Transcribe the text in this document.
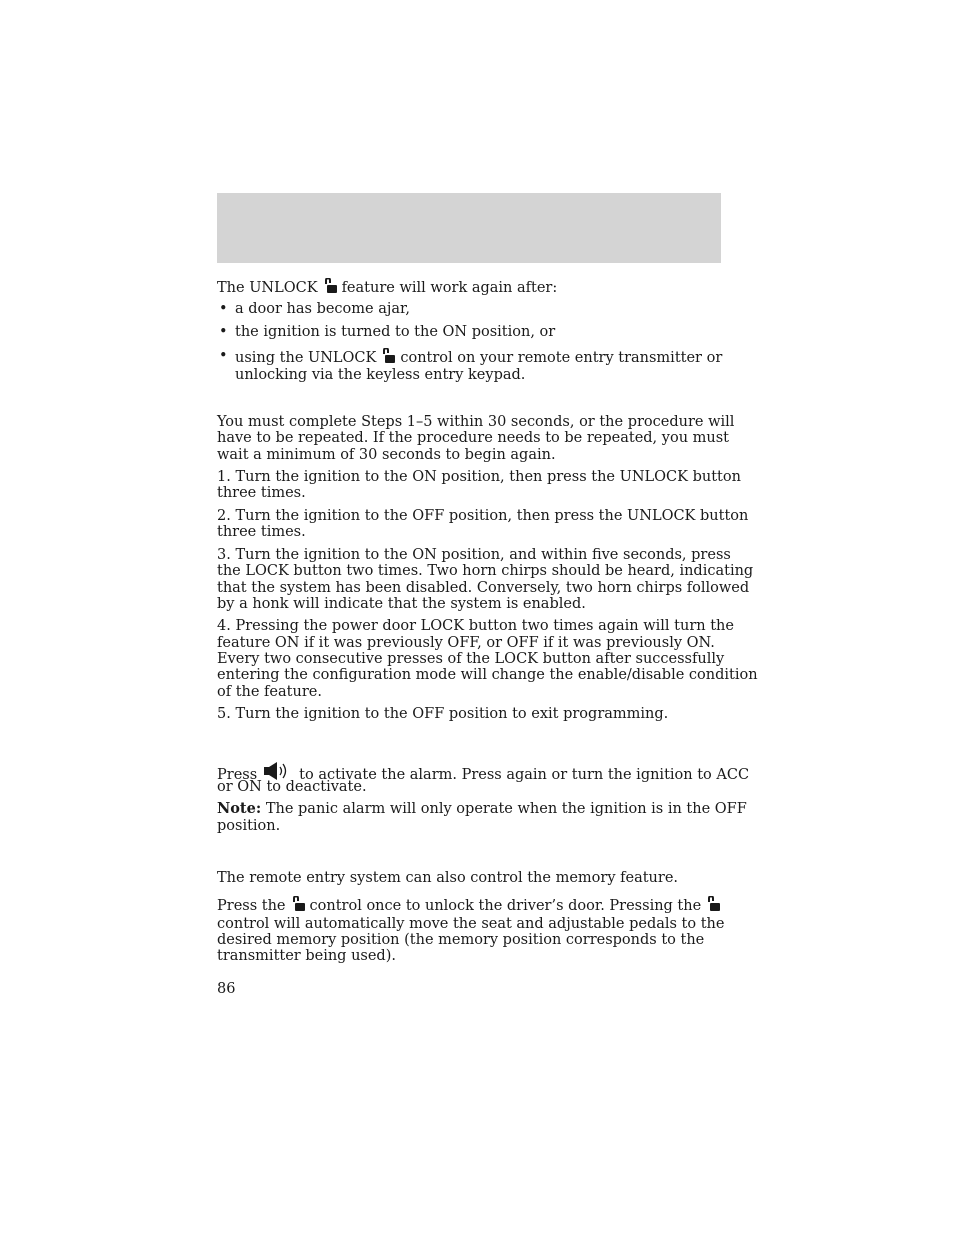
The UNLOCK feature will work again after:
• a door has become ajar,
• the ignition is turned to the ON position, or
• using the UNLOCK control on your remote entry transmitter or
unlocking via the keyless entry keypad.
You must complete Steps 1–5 within 30 seconds, or the procedure will
have to be repeated. If the procedure needs to be repeated, you must
wait a minimum of 30 seconds to begin again.
1. Turn the ignition to the ON position, then press the UNLOCK button
three times.
2. Turn the ignition to the OFF position, then press the UNLOCK button
three times.
3. Turn the ignition to the ON position, and within five seconds, press
the LOCK button two times. Two horn chirps should be heard, indicating
that the system has been disabled. Conversely, two horn chirps followed
by a honk will indicate that the system is enabled.
4. Pressing the power door LOCK button two times again will turn the
feature ON if it was previously OFF, or OFF if it was previously ON.
Every two consecutive presses of the LOCK button after successfully
entering the configuration mode will change the enable/disable condition
of the feature.
5. Turn the ignition to the OFF position to exit programming.
Press	to activate the alarm. Press again or turn the ignition to ACC
or ON to deactivate.
Note: The panic alarm will only operate when the ignition is in the OFF
position.
The remote entry system can also control the memory feature.
Press the control once to unlock the driver’s door. Pressing the
control will automatically move the seat and adjustable pedals to the
desired memory position (the memory position corresponds to the
transmitter being used).
86
